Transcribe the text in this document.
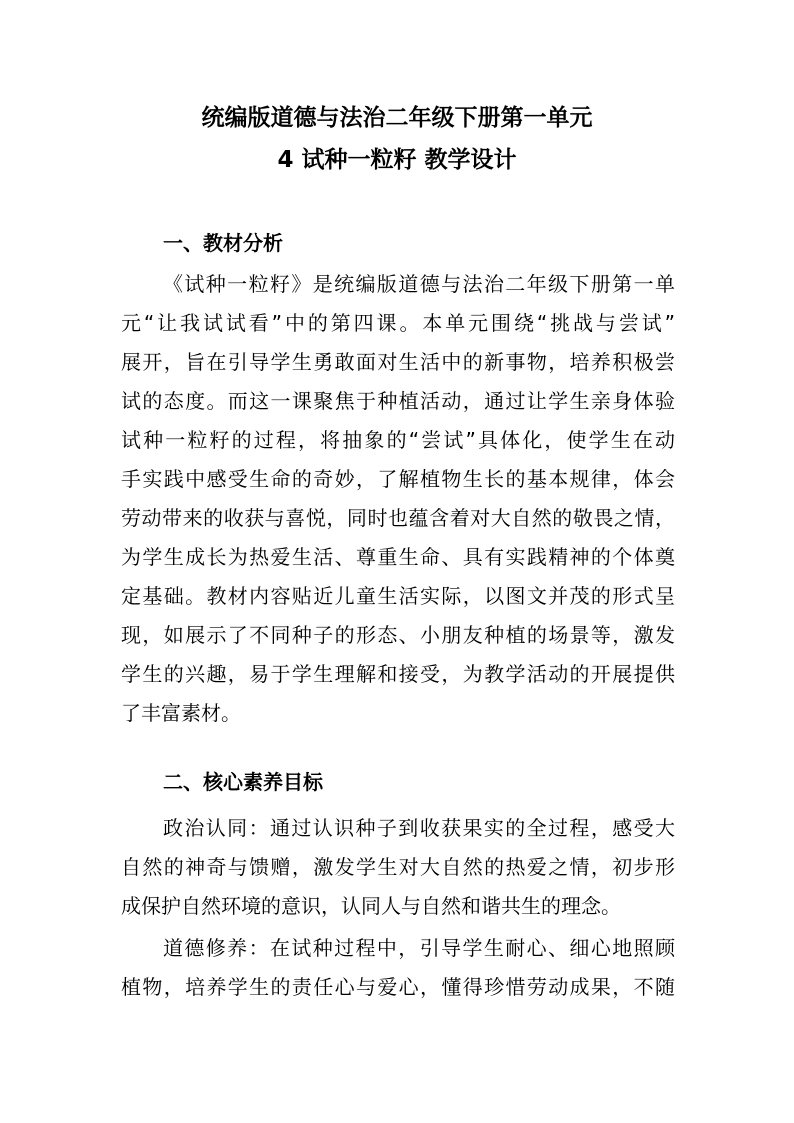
统编版道德与法治二年级下册第一单元
4 试种一粒籽 教学设计
一、教材分析
《试种一粒籽》是统编版道德与法治二年级下册第一单
元“让我试试看”中的第四课。本单元围绕“挑战与尝试”
展开，旨在引导学生勇敢面对生活中的新事物，培养积极尝
试的态度。而这一课聚焦于种植活动，通过让学生亲身体验
试种一粒籽的过程，将抽象的“尝试”具体化，使学生在动
手实践中感受生命的奇妙，了解植物生长的基本规律，体会
劳动带来的收获与喜悦，同时也蕴含着对大自然的敬畏之情，
为学生成长为热爱生活、尊重生命、具有实践精神的个体奠
定基础。教材内容贴近儿童生活实际，以图文并茂的形式呈
现，如展示了不同种子的形态、小朋友种植的场景等，激发
学生的兴趣，易于学生理解和接受，为教学活动的开展提供
了丰富素材。
二、核心素养目标
政治认同：通过认识种子到收获果实的全过程，感受大
自然的神奇与馈赠，激发学生对大自然的热爱之情，初步形
成保护自然环境的意识，认同人与自然和谐共生的理念。
道德修养：在试种过程中，引导学生耐心、细心地照顾
植物，培养学生的责任心与爱心，懂得珍惜劳动成果，不随
